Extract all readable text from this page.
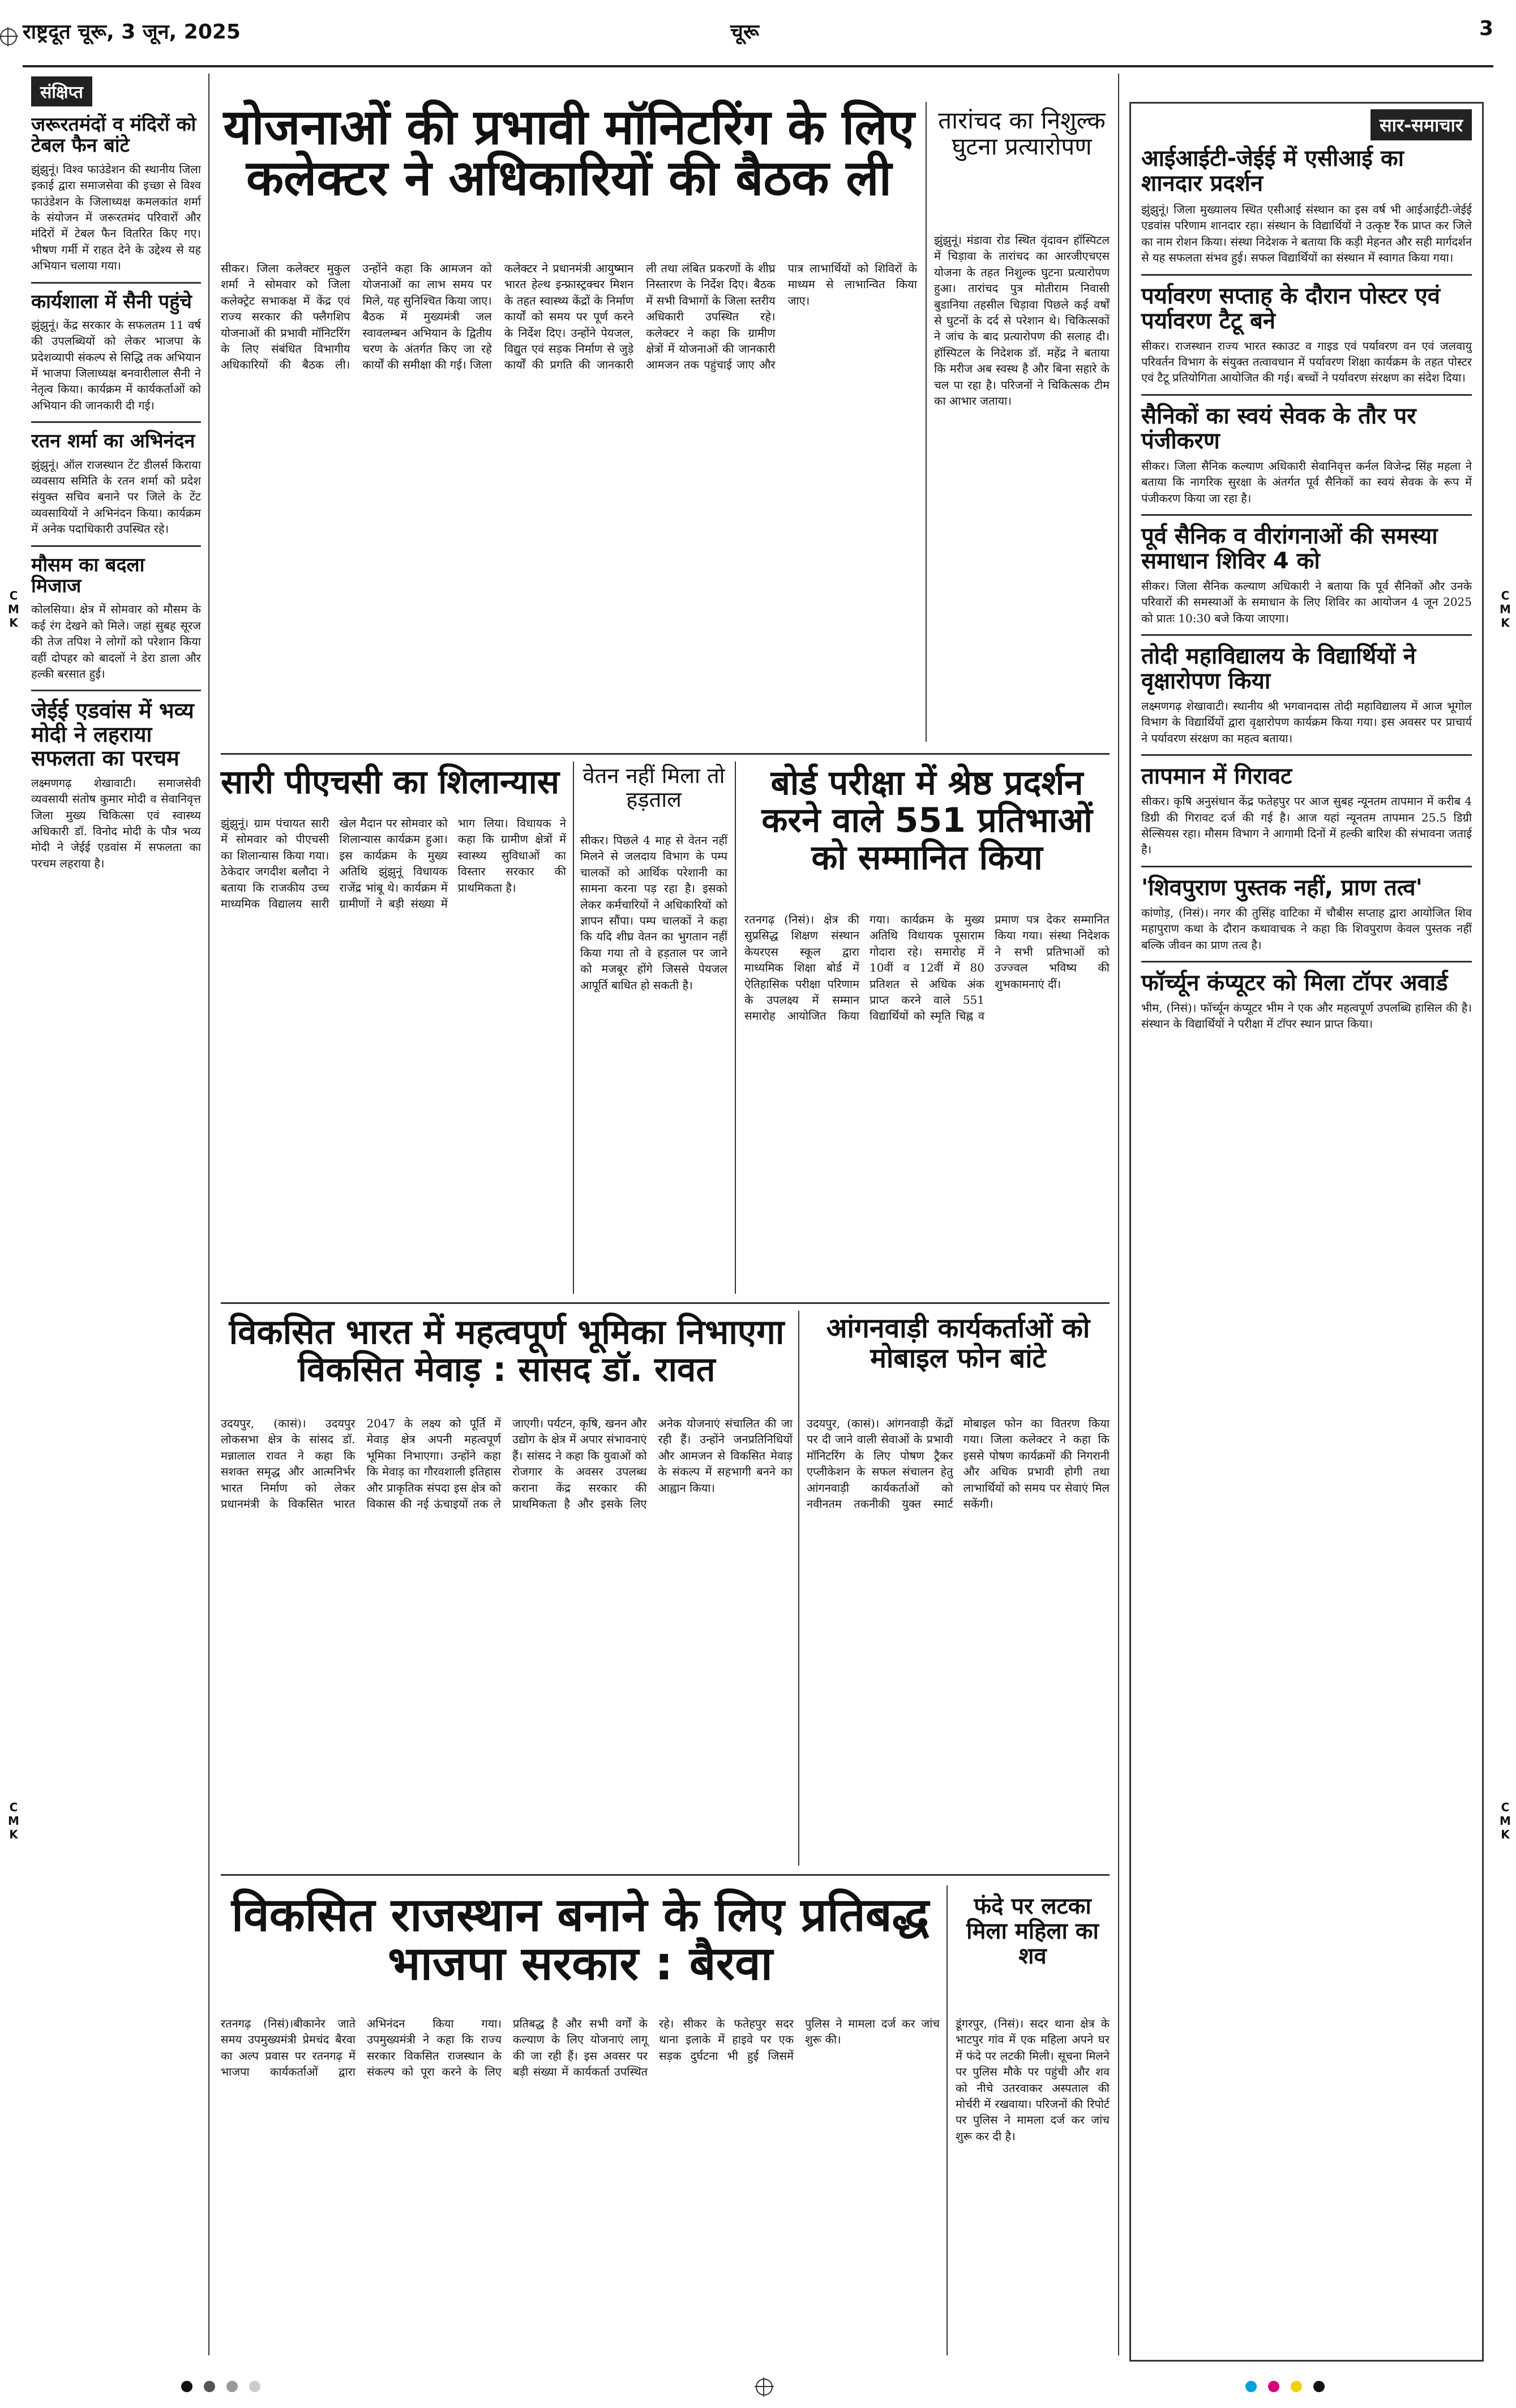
राष्ट्रदूत चूरू, 3 जून, 2025	चूरू	3
C
M
K
C
M
K
C
M
K
C
M
K
संक्षिप्त
जरूरतमंदों व मंदिरों को टेबल फैन बांटे
झुंझुनूं। विश्व फाउंडेशन की स्थानीय जिला इकाई द्वारा समाजसेवा की इच्छा से विश्व फाउंडेशन के जिलाध्यक्ष कमलकांत शर्मा के संयोजन में जरूरतमंद परिवारों और मंदिरों में टेबल फैन वितरित किए गए। भीषण गर्मी में राहत देने के उद्देश्य से यह अभियान चलाया गया।
कार्यशाला में सैनी पहुंचे
झुंझुनूं। केंद्र सरकार के सफलतम 11 वर्ष की उपलब्धियों को लेकर भाजपा के प्रदेशव्यापी संकल्प से सिद्धि तक अभियान में भाजपा जिलाध्यक्ष बनवारीलाल सैनी ने नेतृत्व किया। कार्यक्रम में कार्यकर्ताओं को अभियान की जानकारी दी गई।
रतन शर्मा का अभिनंदन
झुंझुनूं। ऑल राजस्थान टेंट डीलर्स किराया व्यवसाय समिति के रतन शर्मा को प्रदेश संयुक्त सचिव बनाने पर जिले के टेंट व्यवसायियों ने अभिनंदन किया। कार्यक्रम में अनेक पदाधिकारी उपस्थित रहे।
मौसम का बदला मिजाज
कोलसिया। क्षेत्र में सोमवार को मौसम के कई रंग देखने को मिले। जहां सुबह सूरज की तेज तपिश ने लोगों को परेशान किया वहीं दोपहर को बादलों ने डेरा डाला और हल्की बरसात हुई।
जेईई एडवांस में भव्य मोदी ने लहराया सफलता का परचम
लक्ष्मणगढ़ शेखावाटी। समाजसेवी व्यवसायी संतोष कुमार मोदी व सेवानिवृत्त जिला मुख्य चिकित्सा एवं स्वास्थ्य अधिकारी डॉ. विनोद मोदी के पौत्र भव्य मोदी ने जेईई एडवांस में सफलता का परचम लहराया है।
योजनाओं की प्रभावी मॉनिटरिंग के लिए कलेक्टर ने अधिकारियों की बैठक ली

सीकर। जिला कलेक्टर मुकुल शर्मा ने सोमवार को जिला कलेक्ट्रेट सभाकक्ष में केंद्र एवं राज्य सरकार की फ्लैगशिप योजनाओं की प्रभावी मॉनिटरिंग के लिए संबंधित विभागीय अधिकारियों की बैठक ली। उन्होंने कहा कि आमजन को योजनाओं का लाभ समय पर मिले, यह सुनिश्चित किया जाए। बैठक में मुख्यमंत्री जल स्वावलम्बन अभियान के द्वितीय चरण के अंतर्गत किए जा रहे कार्यों की समीक्षा की गई। जिला कलेक्टर ने प्रधानमंत्री आयुष्मान भारत हेल्थ इन्फ्रास्ट्रक्चर मिशन के तहत स्वास्थ्य केंद्रों के निर्माण कार्यों को समय पर पूर्ण करने के निर्देश दिए। उन्होंने पेयजल, विद्युत एवं सड़क निर्माण से जुड़े कार्यों की प्रगति की जानकारी ली तथा लंबित प्रकरणों के शीघ्र निस्तारण के निर्देश दिए। बैठक में सभी विभागों के जिला स्तरीय अधिकारी उपस्थित रहे। कलेक्टर ने कहा कि ग्रामीण क्षेत्रों में योजनाओं की जानकारी आमजन तक पहुंचाई जाए और पात्र लाभार्थियों को शिविरों के माध्यम से लाभान्वित किया जाए।

तारांचद का निशुल्क घुटना प्रत्यारोपण
झुंझुनूं। मंडावा रोड स्थित वृंदावन हॉस्पिटल में चिड़ावा के तारांचद का आरजीएचएस योजना के तहत निशुल्क घुटना प्रत्यारोपण हुआ। तारांचद पुत्र मोतीराम निवासी बुडानिया तहसील चिड़ावा पिछले कई वर्षों से घुटनों के दर्द से परेशान थे। चिकित्सकों ने जांच के बाद प्रत्यारोपण की सलाह दी। हॉस्पिटल के निदेशक डॉ. महेंद्र ने बताया कि मरीज अब स्वस्थ है और बिना सहारे के चल पा रहा है। परिजनों ने चिकित्सक टीम का आभार जताया।
सारी पीएचसी का शिलान्यास

झुंझुनूं। ग्राम पंचायत सारी में सोमवार को पीएचसी का शिलान्यास किया गया। ठेकेदार जगदीश बलौदा ने बताया कि राजकीय उच्च माध्यमिक विद्यालय सारी खेल मैदान पर सोमवार को शिलान्यास कार्यक्रम हुआ। इस कार्यक्रम के मुख्य अतिथि झुंझुनूं विधायक राजेंद्र भांबू थे। कार्यक्रम में ग्रामीणों ने बड़ी संख्या में भाग लिया। विधायक ने कहा कि ग्रामीण क्षेत्रों में स्वास्थ्य सुविधाओं का विस्तार सरकार की प्राथमिकता है।

वेतन नहीं मिला तो हड़ताल
सीकर। पिछले 4 माह से वेतन नहीं मिलने से जलदाय विभाग के पम्प चालकों को आर्थिक परेशानी का सामना करना पड़ रहा है। इसको लेकर कर्मचारियों ने अधिकारियों को ज्ञापन सौंपा। पम्प चालकों ने कहा कि यदि शीघ्र वेतन का भुगतान नहीं किया गया तो वे हड़ताल पर जाने को मजबूर होंगे जिससे पेयजल आपूर्ति बाधित हो सकती है।
बोर्ड परीक्षा में श्रेष्ठ प्रदर्शन करने वाले 551 प्रतिभाओं को सम्मानित किया

रतनगढ़ (निसं)। क्षेत्र की सुप्रसिद्ध शिक्षण संस्थान केयरएस स्कूल द्वारा माध्यमिक शिक्षा बोर्ड में ऐतिहासिक परीक्षा परिणाम के उपलक्ष्य में सम्मान समारोह आयोजित किया गया। कार्यक्रम के मुख्य अतिथि विधायक पूसाराम गोदारा रहे। समारोह में 10वीं व 12वीं में 80 प्रतिशत से अधिक अंक प्राप्त करने वाले 551 विद्यार्थियों को स्मृति चिह्न व प्रमाण पत्र देकर सम्मानित किया गया। संस्था निदेशक ने सभी प्रतिभाओं को उज्ज्वल भविष्य की शुभकामनाएं दीं।

विकसित भारत में महत्वपूर्ण भूमिका निभाएगा विकसित मेवाड़ : सांसद डॉ. रावत

उदयपुर, (कासं)। उदयपुर लोकसभा क्षेत्र के सांसद डॉ. मन्नालाल रावत ने कहा कि सशक्त समृद्ध और आत्मनिर्भर भारत निर्माण को लेकर प्रधानमंत्री के विकसित भारत 2047 के लक्ष्य को पूर्ति में मेवाड़ क्षेत्र अपनी महत्वपूर्ण भूमिका निभाएगा। उन्होंने कहा कि मेवाड़ का गौरवशाली इतिहास और प्राकृतिक संपदा इस क्षेत्र को विकास की नई ऊंचाइयों तक ले जाएगी। पर्यटन, कृषि, खनन और उद्योग के क्षेत्र में अपार संभावनाएं हैं। सांसद ने कहा कि युवाओं को रोजगार के अवसर उपलब्ध कराना केंद्र सरकार की प्राथमिकता है और इसके लिए अनेक योजनाएं संचालित की जा रही हैं। उन्होंने जनप्रतिनिधियों और आमजन से विकसित मेवाड़ के संकल्प में सहभागी बनने का आह्वान किया।

आंगनवाड़ी कार्यकर्ताओं को मोबाइल फोन बांटे

उदयपुर, (कासं)। आंगनवाड़ी केंद्रों पर दी जाने वाली सेवाओं के प्रभावी मॉनिटरिंग के लिए पोषण ट्रैकर एप्लीकेशन के सफल संचालन हेतु आंगनवाड़ी कार्यकर्ताओं को नवीनतम तकनीकी युक्त स्मार्ट मोबाइल फोन का वितरण किया गया। जिला कलेक्टर ने कहा कि इससे पोषण कार्यक्रमों की निगरानी और अधिक प्रभावी होगी तथा लाभार्थियों को समय पर सेवाएं मिल सकेंगी।

विकसित राजस्थान बनाने के लिए प्रतिबद्ध भाजपा सरकार : बैरवा

रतनगढ़ (निसं)।बीकानेर जाते समय उपमुख्यमंत्री प्रेमचंद बैरवा का अल्प प्रवास पर रतनगढ़ में भाजपा कार्यकर्ताओं द्वारा अभिनंदन किया गया। उपमुख्यमंत्री ने कहा कि राज्य सरकार विकसित राजस्थान के संकल्प को पूरा करने के लिए प्रतिबद्ध है और सभी वर्गों के कल्याण के लिए योजनाएं लागू की जा रही हैं। इस अवसर पर बड़ी संख्या में कार्यकर्ता उपस्थित रहे। सीकर के फतेहपुर सदर थाना इलाके में हाइवे पर एक सड़क दुर्घटना भी हुई जिसमें पुलिस ने मामला दर्ज कर जांच शुरू की।

फंदे पर लटका मिला महिला का शव
डूंगरपुर, (निसं)। सदर थाना क्षेत्र के भाटपुर गांव में एक महिला अपने घर में फंदे पर लटकी मिली। सूचना मिलने पर पुलिस मौके पर पहुंची और शव को नीचे उतरवाकर अस्पताल की मोर्चरी में रखवाया। परिजनों की रिपोर्ट पर पुलिस ने मामला दर्ज कर जांच शुरू कर दी है।
सार-समाचार
आईआईटी-जेईई में एसीआई का शानदार प्रदर्शन
झुंझुनूं। जिला मुख्यालय स्थित एसीआई संस्थान का इस वर्ष भी आईआईटी-जेईई एडवांस परिणाम शानदार रहा। संस्थान के विद्यार्थियों ने उत्कृष्ट रैंक प्राप्त कर जिले का नाम रोशन किया। संस्था निदेशक ने बताया कि कड़ी मेहनत और सही मार्गदर्शन से यह सफलता संभव हुई। सफल विद्यार्थियों का संस्थान में स्वागत किया गया।
पर्यावरण सप्ताह के दौरान पोस्टर एवं पर्यावरण टैटू बने
सीकर। राजस्थान राज्य भारत स्काउट व गाइड एवं पर्यावरण वन एवं जलवायु परिवर्तन विभाग के संयुक्त तत्वावधान में पर्यावरण शिक्षा कार्यक्रम के तहत पोस्टर एवं टैटू प्रतियोगिता आयोजित की गई। बच्चों ने पर्यावरण संरक्षण का संदेश दिया।
सैनिकों का स्वयं सेवक के तौर पर पंजीकरण
सीकर। जिला सैनिक कल्याण अधिकारी सेवानिवृत्त कर्नल विजेन्द्र सिंह महला ने बताया कि नागरिक सुरक्षा के अंतर्गत पूर्व सैनिकों का स्वयं सेवक के रूप में पंजीकरण किया जा रहा है।
पूर्व सैनिक व वीरांगनाओं की समस्या समाधान शिविर 4 को
सीकर। जिला सैनिक कल्याण अधिकारी ने बताया कि पूर्व सैनिकों और उनके परिवारों की समस्याओं के समाधान के लिए शिविर का आयोजन 4 जून 2025 को प्रातः 10:30 बजे किया जाएगा।
तोदी महाविद्यालय के विद्यार्थियों ने वृक्षारोपण किया
लक्ष्मणगढ़ शेखावाटी। स्थानीय श्री भगवानदास तोदी महाविद्यालय में आज भूगोल विभाग के विद्यार्थियों द्वारा वृक्षारोपण कार्यक्रम किया गया। इस अवसर पर प्राचार्य ने पर्यावरण संरक्षण का महत्व बताया।
तापमान में गिरावट
सीकर। कृषि अनुसंधान केंद्र फतेहपुर पर आज सुबह न्यूनतम तापमान में करीब 4 डिग्री की गिरावट दर्ज की गई है। आज यहां न्यूनतम तापमान 25.5 डिग्री सेल्सियस रहा। मौसम विभाग ने आगामी दिनों में हल्की बारिश की संभावना जताई है।
'शिवपुराण पुस्तक नहीं, प्राण तत्व'
कांणोड़, (निसं)। नगर की तुसिंह वाटिका में चौबीस सप्ताह द्वारा आयोजित शिव महापुराण कथा के दौरान कथावाचक ने कहा कि शिवपुराण केवल पुस्तक नहीं बल्कि जीवन का प्राण तत्व है।
फॉर्च्यून कंप्यूटर को मिला टॉपर अवार्ड
भीम, (निसं)। फॉर्च्यून कंप्यूटर भीम ने एक और महत्वपूर्ण उपलब्धि हासिल की है। संस्थान के विद्यार्थियों ने परीक्षा में टॉपर स्थान प्राप्त किया।
